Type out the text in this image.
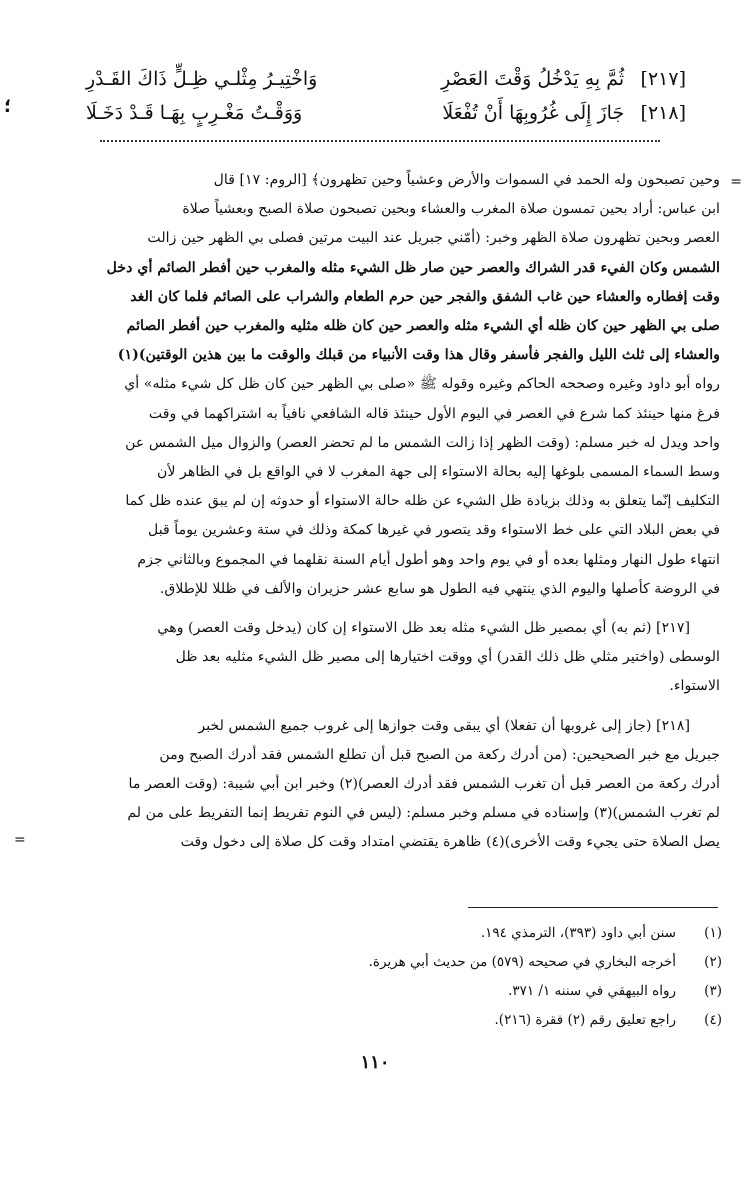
[٢١٧]
ثُمَّ بِهِ يَدْخُلُ وَقْتَ العَصْرِ
وَاخْتِيـرُ مِثْلـي ظِـلٍّ ذَاكَ القَـدْرِ
[٢١٨]
جَازَ إِلَى غُرُوبِهَا أَنْ تُفْعَلَا
وَوَقْـتُ مَغْـرِبٍ بِهَـا قَـدْ دَخَـلَا
؛
=
وحين تصبحون وله الحمد في السموات والأرض وعشياً وحين تظهرون﴾ [الروم: ١٧] قال
ابن عباس: أراد بحين تمسون صلاة المغرب والعشاء وبحين تصبحون صلاة الصبح وبعشياً صلاة
العصر وبحين تظهرون صلاة الظهر وخبر: (أمّني جبريل عند البيت مرتين فصلى بي الظهر حين زالت
الشمس وكان الفيء قدر الشراك والعصر حين صار ظل الشيء مثله والمغرب حين أفطر الصائم أي دخل
وقت إفطاره والعشاء حين غاب الشفق والفجر حين حرم الطعام والشراب على الصائم فلما كان الغد
صلى بي الظهر حين كان ظله أي الشيء مثله والعصر حين كان ظله مثليه والمغرب حين أفطر الصائم
والعشاء إلى ثلث الليل والفجر فأسفر وقال هذا وقت الأنبياء من قبلك والوقت ما بين هذين الوقتين)(١)
رواه أبو داود وغيره وصححه الحاكم وغيره وقوله ﷺ «صلى بي الظهر حين كان ظل كل شيء مثله» أي
فرغ منها حينئذ كما شرع في العصر في اليوم الأول حينئذ قاله الشافعي نافياً به اشتراكهما في وقت
واحد ويدل له خبر مسلم: (وقت الظهر إذا زالت الشمس ما لم تحضر العصر) والزوال ميل الشمس عن
وسط السماء المسمى بلوغها إليه بحالة الاستواء إلى جهة المغرب لا في الواقع بل في الظاهر لأن
التكليف إنّما يتعلق به وذلك بزيادة ظل الشيء عن ظله حالة الاستواء أو حدوثه إن لم يبق عنده ظل كما
في بعض البلاد التي على خط الاستواء وقد يتصور في غيرها كمكة وذلك في ستة وعشرين يوماً قبل
انتهاء طول النهار ومثلها بعده أو في يوم واحد وهو أطول أيام السنة نقلهما في المجموع وبالثاني جزم
في الروضة كأصلها واليوم الذي ينتهي فيه الطول هو سابع عشر حزيران والألف في ظللا للإطلاق.
[٢١٧] (ثم به) أي بمصير ظل الشيء مثله بعد ظل الاستواء إن كان (يدخل وقت العصر) وهي
الوسطى (واختير مثلي ظل ذلك القدر) أي ووقت اختيارها إلى مصير ظل الشيء مثليه بعد ظل
الاستواء.
[٢١٨] (جاز إلى غروبها أن تفعلا) أي يبقى وقت جوازها إلى غروب جميع الشمس لخبر
جبريل مع خبر الصحيحين: (من أدرك ركعة من الصبح قبل أن تطلع الشمس فقد أدرك الصبح ومن
أدرك ركعة من العصر قبل أن تغرب الشمس فقد أدرك العصر)(٢) وخبر ابن أبي شيبة: (وقت العصر ما
لم تغرب الشمس)(٣) وإسناده في مسلم وخبر مسلم: (ليس في النوم تفريط إنما التفريط على من لم
يصل الصلاة حتى يجيء وقت الأخرى)(٤) ظاهرة يقتضي امتداد وقت كل صلاة إلى دخول وقت
=
(١)
سنن أبي داود (٣٩٣)، الترمذي ١٩٤.
(٢)
أخرجه البخاري في صحيحه (٥٧٩) من حديث أبي هريرة.
(٣)
رواه البيهقي في سننه ١/ ٣٧١.
(٤)
راجع تعليق رقم (٢) فقرة (٢١٦).
١١٠
